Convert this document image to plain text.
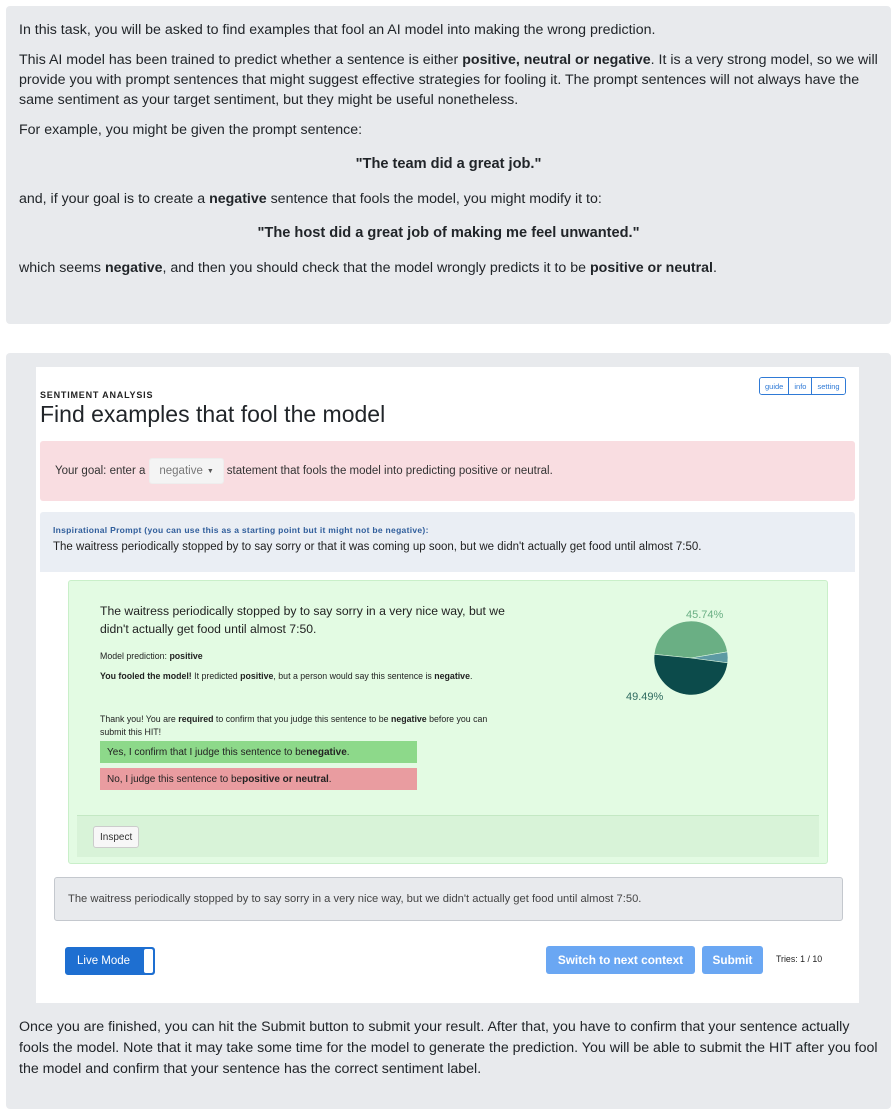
In this task, you will be asked to find examples that fool an AI model into making the wrong prediction.

This AI model has been trained to predict whether a sentence is either positive, neutral or negative. It is a very strong model, so we will provide you with prompt sentences that might suggest effective strategies for fooling it. The prompt sentences will not always have the same sentiment as your target sentiment, but they might be useful nonetheless.

For example, you might be given the prompt sentence:

"The team did a great job."

and, if your goal is to create a negative sentence that fools the model, you might modify it to:

"The host did a great job of making me feel unwanted."

which seems negative, and then you should check that the model wrongly predicts it to be positive or neutral.

SENTIMENT ANALYSIS
Find examples that fool the model
guide	info	setting
Your goal: enter a negative ▼ statement that fools the model into predicting positive or neutral.
Inspirational Prompt (you can use this as a starting point but it might not be negative):
The waitress periodically stopped by to say sorry or that it was coming up soon, but we didn't actually get food until almost 7:50.
The waitress periodically stopped by to say sorry in a very nice way, but we didn't actually get food until almost 7:50.
Model prediction: positive
You fooled the model! It predicted positive, but a person would say this sentence is negative.
Thank you! You are required to confirm that you judge this sentence to be negative before you can submit this HIT!
Yes, I confirm that I judge this sentence to be negative .
No, I judge this sentence to be positive or neutral .
45.74%
49.49%
Inspect
The waitress periodically stopped by to say sorry in a very nice way, but we didn't actually get food until almost 7:50.
Live Mode	Switch to next context	Submit	Tries: 1 / 10

Once you are finished, you can hit the Submit button to submit your result. After that, you have to confirm that your sentence actually fools the model. Note that it may take some time for the model to generate the prediction. You will be able to submit the HIT after you fool the model and confirm that your sentence has the correct sentiment label.
